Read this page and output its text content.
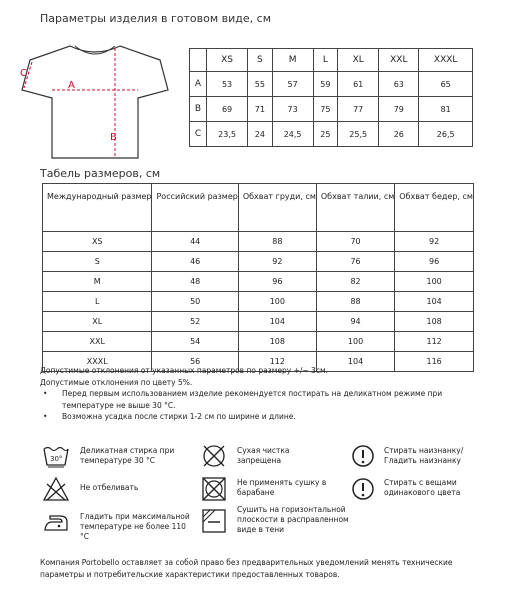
Параметры изделия в готовом виде, см
A
B
C
	XS	S	M	L	XL	XXL	XXXL
A	53	55	57	59	61	63	65
B	69	71	73	75	77	79	81
C	23,5	24	24,5	25	25,5	26	26,5
Табель размеров, см
Международный размер	Российский размер	Обхват груди, см	Обхват талии, см	Обхват бедер, см
XS	44	88	70	92
S	46	92	76	96
M	48	96	82	100
L	50	100	88	104
XL	52	104	94	108
XXL	54	108	100	112
XXXL	56	112	104	116
Допустимые отклонения от указанных параметров по размеру +/− 3см.
Допустимые отклонения по цвету 5%.
• Перед первым использованием изделие рекомендуется постирать на деликатном режиме при температуре не выше 30 °С.
• Возможна усадка после стирки 1-2 см по ширине и длине.
30°
Деликатная стирка при температуре 30 °С
Сухая чистка запрещена
Стирать наизнанку/ Гладить наизнанку
Не отбеливать
Не применять сушку в барабане
Стирать с вещами одинакового цвета
Гладить при максимальной температуре не более 110 °С
Сушить на горизонтальной плоскости в расправленном виде в тени
Компания Portobello оставляет за собой право без предварительных уведомлений менять технические параметры и потребительские характеристики предоставленных товаров.
